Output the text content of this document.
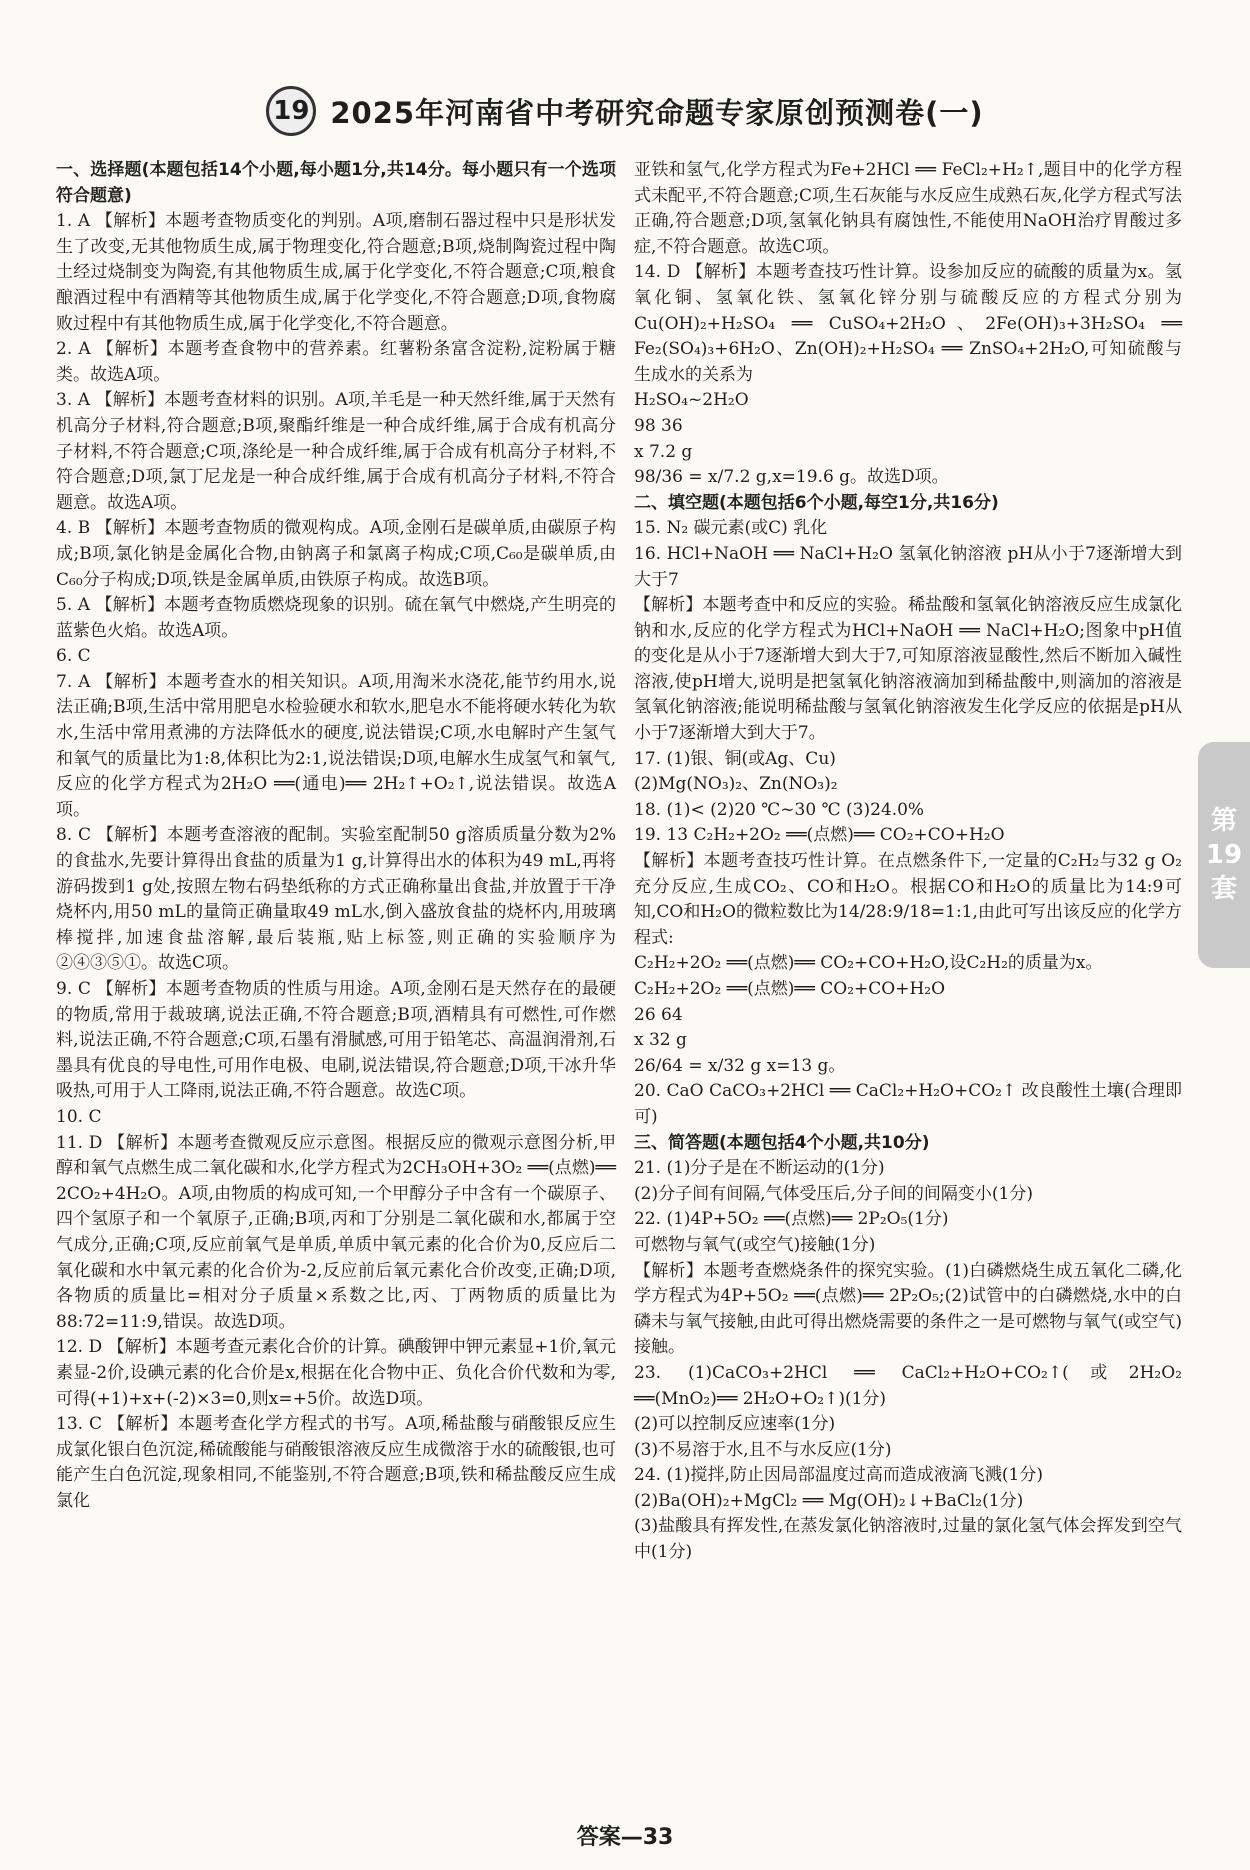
19 2025年河南省中考研究命题专家原创预测卷(一)

一、选择题(本题包括14个小题,每小题1分,共14分。每小题只有一个选项符合题意)

1. A 【解析】本题考查物质变化的判别。A项,磨制石器过程中只是形状发生了改变,无其他物质生成,属于物理变化,符合题意;B项,烧制陶瓷过程中陶土经过烧制变为陶瓷,有其他物质生成,属于化学变化,不符合题意;C项,粮食酿酒过程中有酒精等其他物质生成,属于化学变化,不符合题意;D项,食物腐败过程中有其他物质生成,属于化学变化,不符合题意。

2. A 【解析】本题考查食物中的营养素。红薯粉条富含淀粉,淀粉属于糖类。故选A项。

3. A 【解析】本题考查材料的识别。A项,羊毛是一种天然纤维,属于天然有机高分子材料,符合题意;B项,聚酯纤维是一种合成纤维,属于合成有机高分子材料,不符合题意;C项,涤纶是一种合成纤维,属于合成有机高分子材料,不符合题意;D项,氯丁尼龙是一种合成纤维,属于合成有机高分子材料,不符合题意。故选A项。

4. B 【解析】本题考查物质的微观构成。A项,金刚石是碳单质,由碳原子构成;B项,氯化钠是金属化合物,由钠离子和氯离子构成;C项,C₆₀是碳单质,由C₆₀分子构成;D项,铁是金属单质,由铁原子构成。故选B项。

5. A 【解析】本题考查物质燃烧现象的识别。硫在氧气中燃烧,产生明亮的蓝紫色火焰。故选A项。

6. C

7. A 【解析】本题考查水的相关知识。A项,用淘米水浇花,能节约用水,说法正确;B项,生活中常用肥皂水检验硬水和软水,肥皂水不能将硬水转化为软水,生活中常用煮沸的方法降低水的硬度,说法错误;C项,水电解时产生氢气和氧气的质量比为1:8,体积比为2:1,说法错误;D项,电解水生成氢气和氧气,反应的化学方程式为2H₂O ══(通电)══ 2H₂↑+O₂↑,说法错误。故选A项。

8. C 【解析】本题考查溶液的配制。实验室配制50 g溶质质量分数为2%的食盐水,先要计算得出食盐的质量为1 g,计算得出水的体积为49 mL,再将游码拨到1 g处,按照左物右码垫纸称的方式正确称量出食盐,并放置于干净烧杯内,用50 mL的量筒正确量取49 mL水,倒入盛放食盐的烧杯内,用玻璃棒搅拌,加速食盐溶解,最后装瓶,贴上标签,则正确的实验顺序为②④③⑤①。故选C项。

9. C 【解析】本题考查物质的性质与用途。A项,金刚石是天然存在的最硬的物质,常用于裁玻璃,说法正确,不符合题意;B项,酒精具有可燃性,可作燃料,说法正确,不符合题意;C项,石墨有滑腻感,可用于铅笔芯、高温润滑剂,石墨具有优良的导电性,可用作电极、电刷,说法错误,符合题意;D项,干冰升华吸热,可用于人工降雨,说法正确,不符合题意。故选C项。

10. C

11. D 【解析】本题考查微观反应示意图。根据反应的微观示意图分析,甲醇和氧气点燃生成二氧化碳和水,化学方程式为2CH₃OH+3O₂ ══(点燃)══ 2CO₂+4H₂O。A项,由物质的构成可知,一个甲醇分子中含有一个碳原子、四个氢原子和一个氧原子,正确;B项,丙和丁分别是二氧化碳和水,都属于空气成分,正确;C项,反应前氧气是单质,单质中氧元素的化合价为0,反应后二氧化碳和水中氧元素的化合价为-2,反应前后氧元素化合价改变,正确;D项,各物质的质量比=相对分子质量×系数之比,丙、丁两物质的质量比为88:72=11:9,错误。故选D项。

12. D 【解析】本题考查元素化合价的计算。碘酸钾中钾元素显+1价,氧元素显-2价,设碘元素的化合价是x,根据在化合物中正、负化合价代数和为零,可得(+1)+x+(-2)×3=0,则x=+5价。故选D项。

13. C 【解析】本题考查化学方程式的书写。A项,稀盐酸与硝酸银反应生成氯化银白色沉淀,稀硫酸能与硝酸银溶液反应生成微溶于水的硫酸银,也可能产生白色沉淀,现象相同,不能鉴别,不符合题意;B项,铁和稀盐酸反应生成氯化

亚铁和氢气,化学方程式为Fe+2HCl ══ FeCl₂+H₂↑,题目中的化学方程式未配平,不符合题意;C项,生石灰能与水反应生成熟石灰,化学方程式写法正确,符合题意;D项,氢氧化钠具有腐蚀性,不能使用NaOH治疗胃酸过多症,不符合题意。故选C项。

14. D 【解析】本题考查技巧性计算。设参加反应的硫酸的质量为x。氢氧化铜、氢氧化铁、氢氧化锌分别与硫酸反应的方程式分别为Cu(OH)₂+H₂SO₄ ══ CuSO₄+2H₂O、2Fe(OH)₃+3H₂SO₄ ══ Fe₂(SO₄)₃+6H₂O、Zn(OH)₂+H₂SO₄ ══ ZnSO₄+2H₂O,可知硫酸与生成水的关系为

H₂SO₄~2H₂O

98 36

x 7.2 g

98/36 = x/7.2 g,x=19.6 g。故选D项。

二、填空题(本题包括6个小题,每空1分,共16分)

15. N₂ 碳元素(或C) 乳化

16. HCl+NaOH ══ NaCl+H₂O 氢氧化钠溶液 pH从小于7逐渐增大到大于7

【解析】本题考查中和反应的实验。稀盐酸和氢氧化钠溶液反应生成氯化钠和水,反应的化学方程式为HCl+NaOH ══ NaCl+H₂O;图象中pH值的变化是从小于7逐渐增大到大于7,可知原溶液显酸性,然后不断加入碱性溶液,使pH增大,说明是把氢氧化钠溶液滴加到稀盐酸中,则滴加的溶液是氢氧化钠溶液;能说明稀盐酸与氢氧化钠溶液发生化学反应的依据是pH从小于7逐渐增大到大于7。

17. (1)银、铜(或Ag、Cu)

(2)Mg(NO₃)₂、Zn(NO₃)₂

18. (1)< (2)20 ℃~30 ℃ (3)24.0%

19. 13 C₂H₂+2O₂ ══(点燃)══ CO₂+CO+H₂O

【解析】本题考查技巧性计算。在点燃条件下,一定量的C₂H₂与32 g O₂充分反应,生成CO₂、CO和H₂O。根据CO和H₂O的质量比为14:9可知,CO和H₂O的微粒数比为14/28:9/18=1:1,由此可写出该反应的化学方程式:

C₂H₂+2O₂ ══(点燃)══ CO₂+CO+H₂O,设C₂H₂的质量为x。

C₂H₂+2O₂ ══(点燃)══ CO₂+CO+H₂O

26 64

x 32 g

26/64 = x/32 g x=13 g。

20. CaO CaCO₃+2HCl ══ CaCl₂+H₂O+CO₂↑ 改良酸性土壤(合理即可)

三、简答题(本题包括4个小题,共10分)

21. (1)分子是在不断运动的(1分)

(2)分子间有间隔,气体受压后,分子间的间隔变小(1分)

22. (1)4P+5O₂ ══(点燃)══ 2P₂O₅(1分)

可燃物与氧气(或空气)接触(1分)

【解析】本题考查燃烧条件的探究实验。(1)白磷燃烧生成五氧化二磷,化学方程式为4P+5O₂ ══(点燃)══ 2P₂O₅;(2)试管中的白磷燃烧,水中的白磷未与氧气接触,由此可得出燃烧需要的条件之一是可燃物与氧气(或空气)接触。

23. (1)CaCO₃+2HCl ══ CaCl₂+H₂O+CO₂↑(或2H₂O₂ ══(MnO₂)══ 2H₂O+O₂↑)(1分)

(2)可以控制反应速率(1分)

(3)不易溶于水,且不与水反应(1分)

24. (1)搅拌,防止因局部温度过高而造成液滴飞溅(1分)

(2)Ba(OH)₂+MgCl₂ ══ Mg(OH)₂↓+BaCl₂(1分)

(3)盐酸具有挥发性,在蒸发氯化钠溶液时,过量的氯化氢气体会挥发到空气中(1分)

第
19
套
答案—33
